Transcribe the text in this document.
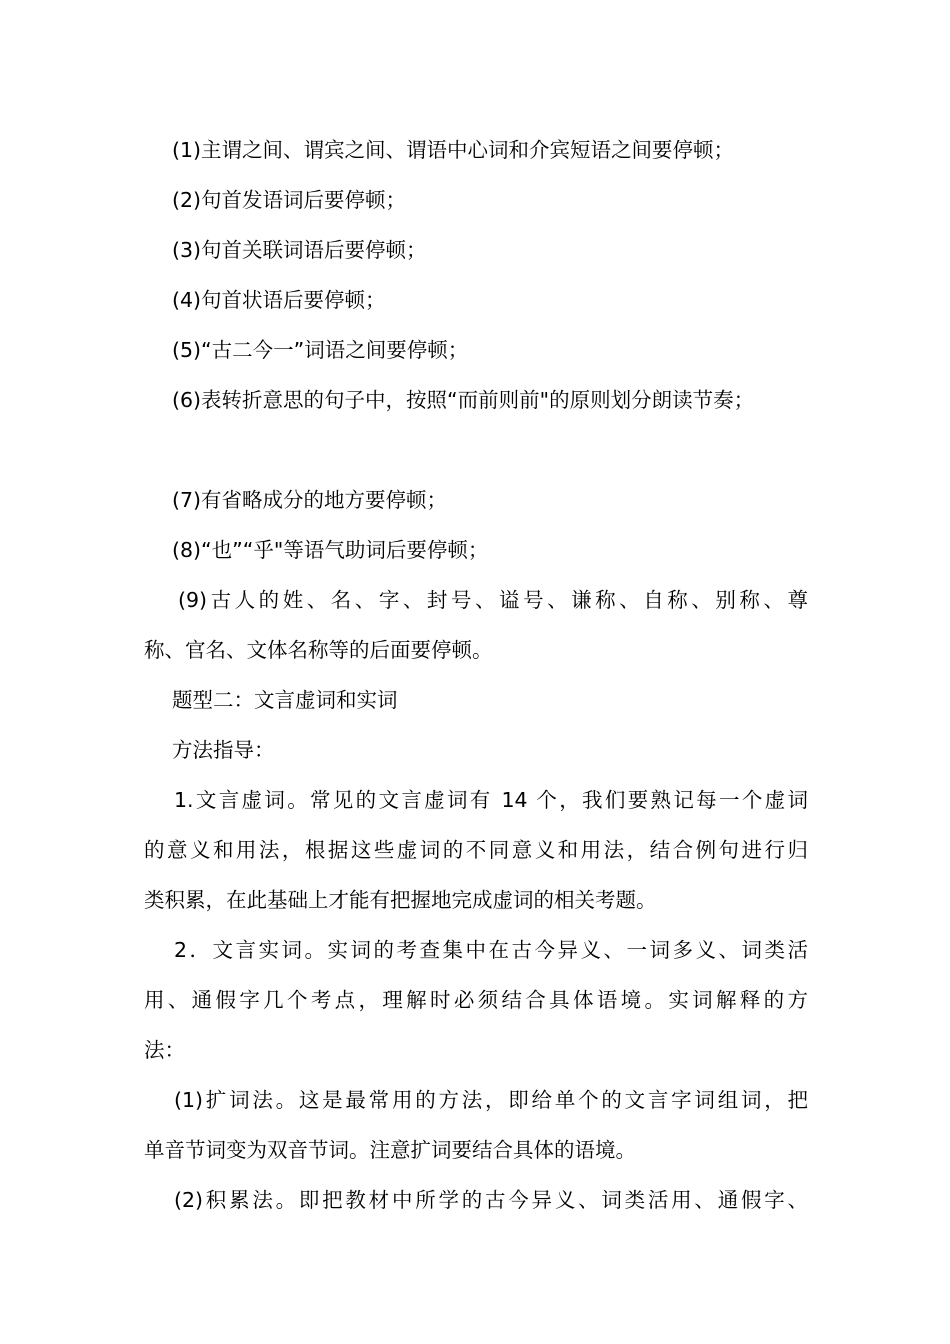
(1)主谓之间、谓宾之间、谓语中心词和介宾短语之间要停顿；
(2)句首发语词后要停顿；
(3)句首关联词语后要停顿；
(4)句首状语后要停顿；
(5)“古二今一”词语之间要停顿；
(6)表转折意思的句子中，按照“而前则前"的原则划分朗读节奏；
(7)有省略成分的地方要停顿；
(8)“也”“乎"等语气助词后要停顿；
(9)古人的姓、名、字、封号、谥号、谦称、自称、别称、尊
称、官名、文体名称等的后面要停顿。
题型二：文言虚词和实词
方法指导：
1.文言虚词。常见的文言虚词有 14 个，我们要熟记每一个虚词
的意义和用法，根据这些虚词的不同意义和用法，结合例句进行归
类积累，在此基础上才能有把握地完成虚词的相关考题。
2．文言实词。实词的考查集中在古今异义、一词多义、词类活
用、通假字几个考点，理解时必须结合具体语境。实词解释的方
法：
(1)扩词法。这是最常用的方法，即给单个的文言字词组词，把
单音节词变为双音节词。注意扩词要结合具体的语境。
(2)积累法。即把教材中所学的古今异义、词类活用、通假字、
